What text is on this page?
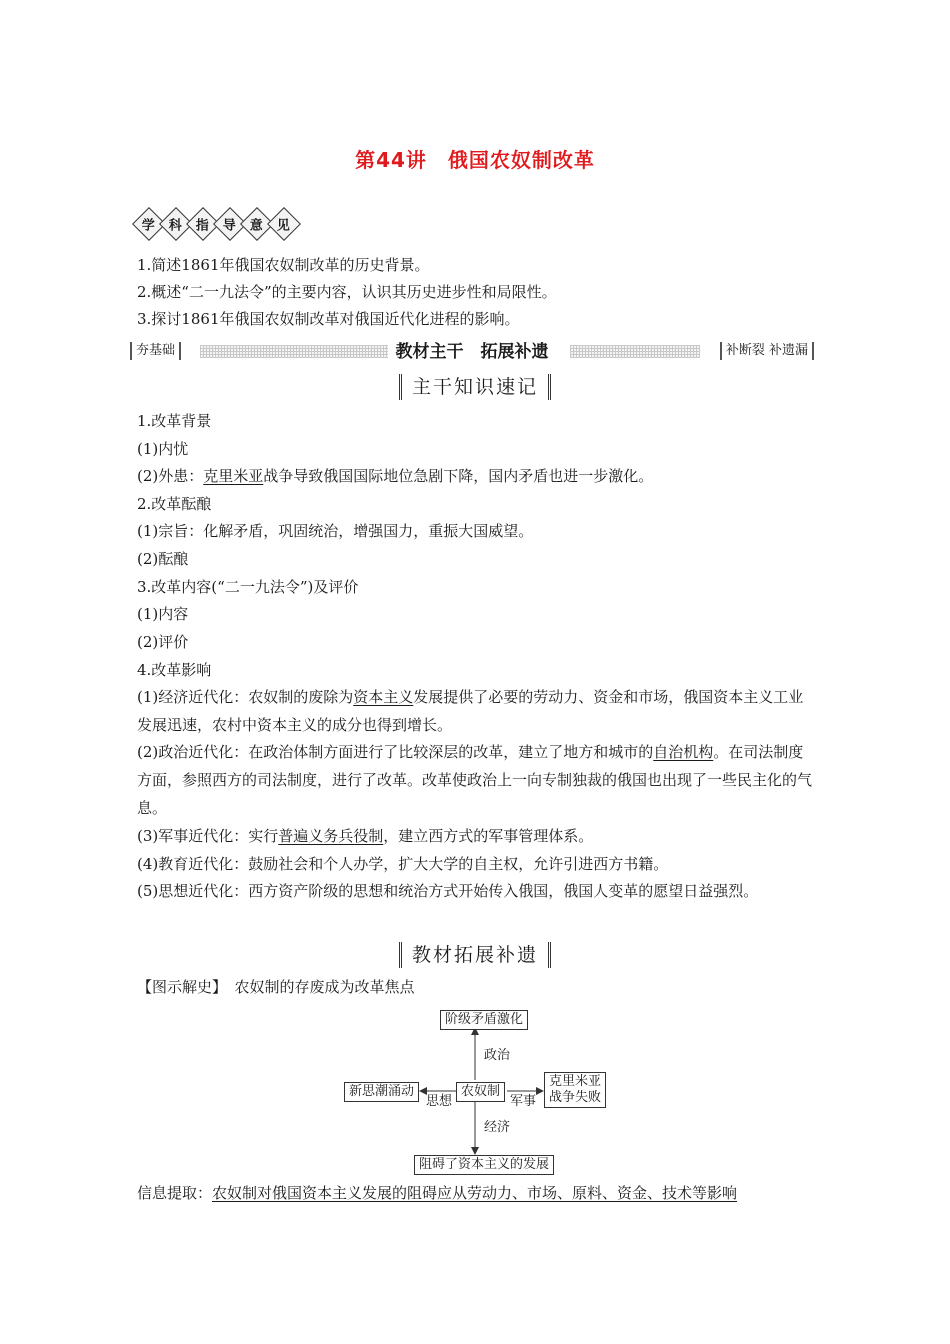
第44讲　俄国农奴制改革
学 科 指 导 意 见
1.简述1861年俄国农奴制改革的历史背景。
2.概述“二一九法令”的主要内容，认识其历史进步性和局限性。
3.探讨1861年俄国农奴制改革对俄国近代化进程的影响。
夯基础	教材主干　拓展补遗	补断裂 补遗漏
主干知识速记
1.改革背景
(1)内忧
(2)外患：克里米亚战争导致俄国国际地位急剧下降，国内矛盾也进一步激化。
2.改革酝酿
(1)宗旨：化解矛盾，巩固统治，增强国力，重振大国威望。
(2)酝酿
3.改革内容(“二一九法令”)及评价
(1)内容
(2)评价
4.改革影响
(1)经济近代化：农奴制的废除为资本主义发展提供了必要的劳动力、资金和市场，俄国资本主义工业发展迅速，农村中资本主义的成分也得到增长。
(2)政治近代化：在政治体制方面进行了比较深层的改革，建立了地方和城市的自治机构。在司法制度方面，参照西方的司法制度，进行了改革。改革使政治上一向专制独裁的俄国也出现了一些民主化的气息。
(3)军事近代化：实行普遍义务兵役制，建立西方式的军事管理体系。
(4)教育近代化：鼓励社会和个人办学，扩大大学的自主权，允许引进西方书籍。
(5)思想近代化：西方资产阶级的思想和统治方式开始传入俄国，俄国人变革的愿望日益强烈。
教材拓展补遗
【图示解史】　农奴制的存废成为改革焦点
阶级矛盾激化
政治
农奴制
新思潮涌动
思想
克里米亚
战争失败
军事
经济
阻碍了资本主义的发展
信息提取：农奴制对俄国资本主义发展的阻碍应从劳动力、市场、原料、资金、技术等影响
